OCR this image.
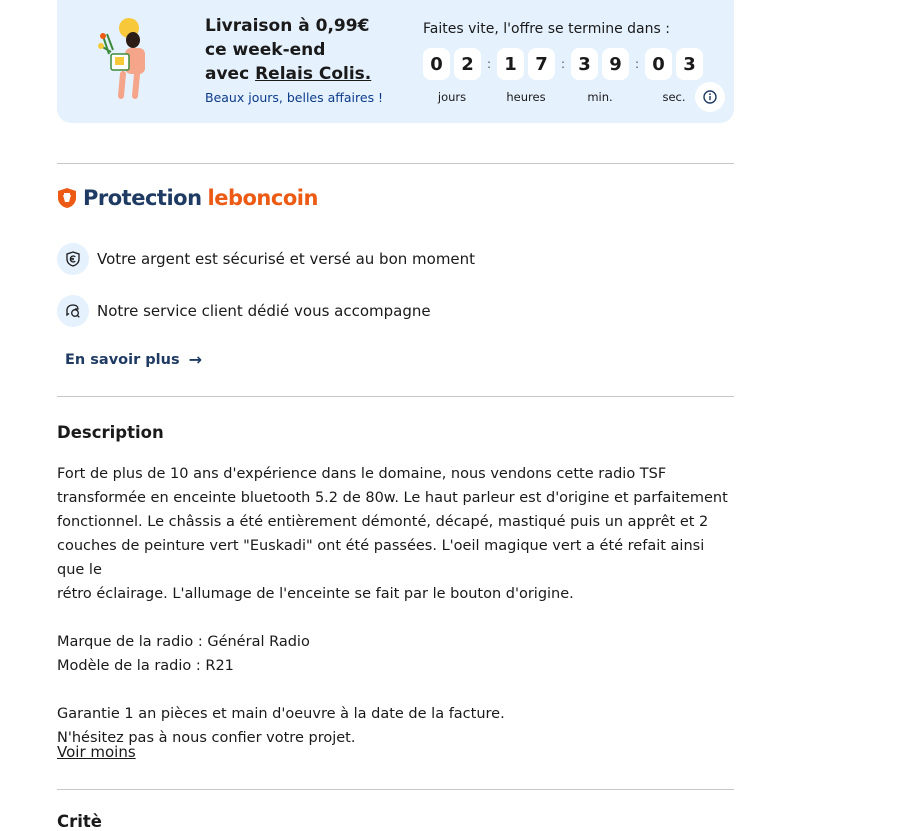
Livraison à 0,99€
ce week-end
avec Relais Colis.
Beaux jours, belles affaires !
Faites vite, l'offre se termine dans :
0	2
jours
: 1	7
heures
: 3	9
min.
: 0	3
sec.
Protection leboncoin
Votre argent est sécurisé et versé au bon moment
Notre service client dédié vous accompagne
En savoir plus →
Description

Fort de plus de 10 ans d'expérience dans le domaine, nous vendons cette radio TSF
transformée en enceinte bluetooth 5.2 de 80w. Le haut parleur est d'origine et parfaitement
fonctionnel. Le châssis a été entièrement démonté, décapé, mastiqué puis un apprêt et 2
couches de peinture vert "Euskadi" ont été passées. L'oeil magique vert a été refait ainsi que le
rétro éclairage. L'allumage de l'enceinte se fait par le bouton d'origine.

Marque de la radio : Général Radio
Modèle de la radio : R21

Garantie 1 an pièces et main d'oeuvre à la date de la facture.
N'hésitez pas à nous confier votre projet.

Voir moins
Critè
